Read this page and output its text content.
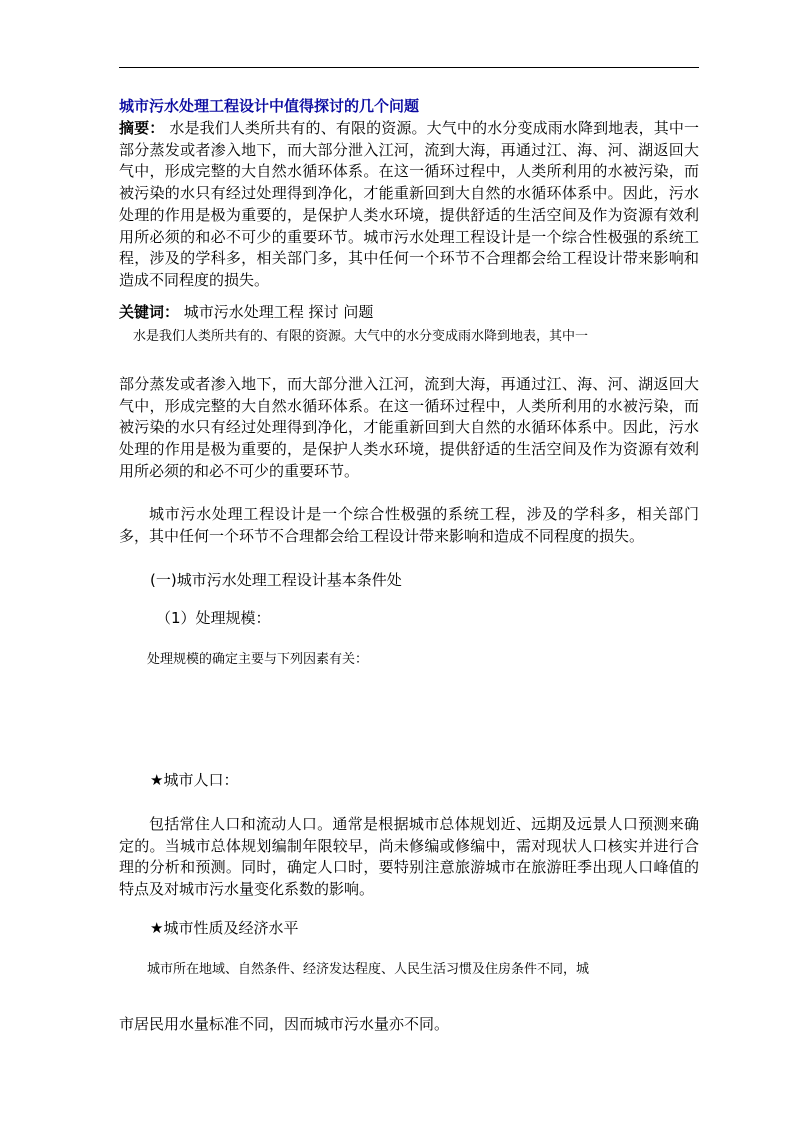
城市污水处理工程设计中值得探讨的几个问题

摘要： 水是我们人类所共有的、有限的资源。大气中的水分变成雨水降到地表，其中一部分蒸发或者渗入地下，而大部分泄入江河，流到大海，再通过江、海、河、湖返回大气中，形成完整的大自然水循环体系。在这一循环过程中，人类所利用的水被污染，而被污染的水只有经过处理得到净化，才能重新回到大自然的水循环体系中。因此，污水处理的作用是极为重要的，是保护人类水环境，提供舒适的生活空间及作为资源有效利用所必须的和必不可少的重要环节。城市污水处理工程设计是一个综合性极强的系统工程，涉及的学科多，相关部门多，其中任何一个环节不合理都会给工程设计带来影响和造成不同程度的损失。

关键词： 城市污水处理工程 探讨 问题

水是我们人类所共有的、有限的资源。大气中的水分变成雨水降到地表，其中一

部分蒸发或者渗入地下，而大部分泄入江河，流到大海，再通过江、海、河、湖返回大气中，形成完整的大自然水循环体系。在这一循环过程中，人类所利用的水被污染，而被污染的水只有经过处理得到净化，才能重新回到大自然的水循环体系中。因此，污水处理的作用是极为重要的，是保护人类水环境，提供舒适的生活空间及作为资源有效利用所必须的和必不可少的重要环节。

城市污水处理工程设计是一个综合性极强的系统工程，涉及的学科多，相关部门多，其中任何一个环节不合理都会给工程设计带来影响和造成不同程度的损失。

(一)城市污水处理工程设计基本条件处

（1）处理规模：

处理规模的确定主要与下列因素有关：

★城市人口：

包括常住人口和流动人口。通常是根据城市总体规划近、远期及远景人口预测来确定的。当城市总体规划编制年限较早，尚未修编或修编中，需对现状人口核实并进行合理的分析和预测。同时，确定人口时，要特别注意旅游城市在旅游旺季出现人口峰值的特点及对城市污水量变化系数的影响。

★城市性质及经济水平

城市所在地域、自然条件、经济发达程度、人民生活习惯及住房条件不同，城

市居民用水量标准不同，因而城市污水量亦不同。
